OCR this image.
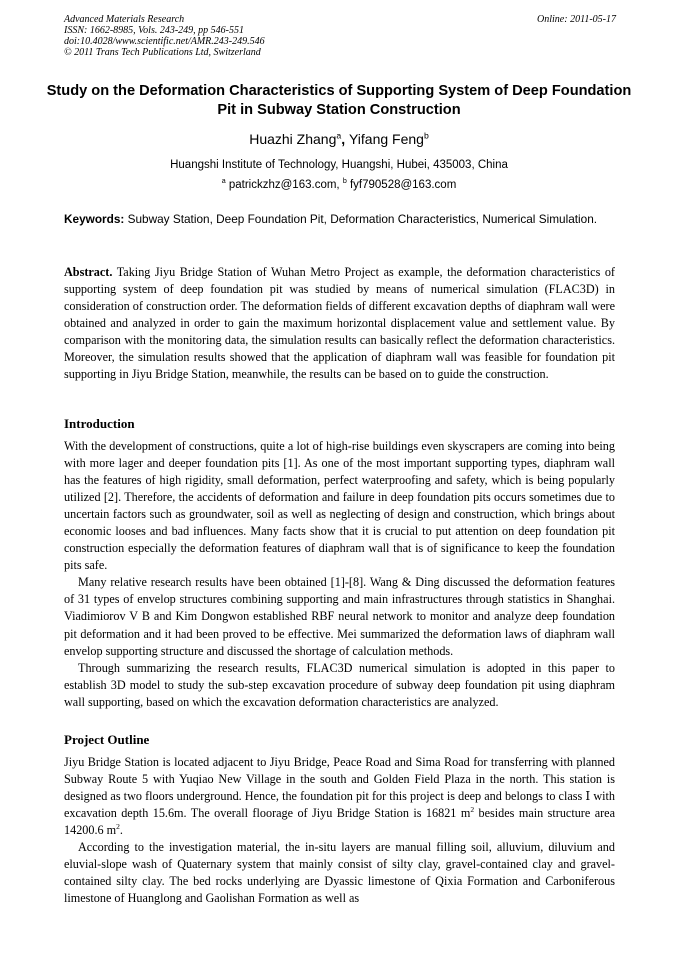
Advanced Materials Research
ISSN: 1662-8985, Vols. 243-249, pp 546-551
doi:10.4028/www.scientific.net/AMR.243-249.546
© 2011 Trans Tech Publications Ltd, Switzerland
Online: 2011-05-17
Study on the Deformation Characteristics of Supporting System of Deep Foundation Pit in Subway Station Construction
Huazhi Zhang$^a$, Yifang Feng$^b$
Huangshi Institute of Technology, Huangshi, Hubei, 435003, China
$^a$ patrickzhz@163.com, $^b$ fyf790528@163.com
Keywords: Subway Station, Deep Foundation Pit, Deformation Characteristics, Numerical Simulation.
Abstract. Taking Jiyu Bridge Station of Wuhan Metro Project as example, the deformation characteristics of supporting system of deep foundation pit was studied by means of numerical simulation (FLAC3D) in consideration of construction order. The deformation fields of different excavation depths of diaphram wall were obtained and analyzed in order to gain the maximum horizontal displacement value and settlement value. By comparison with the monitoring data, the simulation results can basically reflect the deformation characteristics. Moreover, the simulation results showed that the application of diaphram wall was feasible for foundation pit supporting in Jiyu Bridge Station, meanwhile, the results can be based on to guide the construction.
Introduction

With the development of constructions, quite a lot of high-rise buildings even skyscrapers are coming into being with more lager and deeper foundation pits [1]. As one of the most important supporting types, diaphram wall has the features of high rigidity, small deformation, perfect waterproofing and safety, which is being popularly utilized [2]. Therefore, the accidents of deformation and failure in deep foundation pits occurs sometimes due to uncertain factors such as groundwater, soil as well as neglecting of design and construction, which brings about economic looses and bad influences. Many facts show that it is crucial to put attention on deep foundation pit construction especially the deformation features of diaphram wall that is of significance to keep the foundation pits safe.

Many relative research results have been obtained [1]-[8]. Wang & Ding discussed the deformation features of 31 types of envelop structures combining supporting and main infrastructures through statistics in Shanghai. Viadimiorov V B and Kim Dongwon established RBF neural network to monitor and analyze deep foundation pit deformation and it had been proved to be effective. Mei summarized the deformation laws of diaphram wall envelop supporting structure and discussed the shortage of calculation methods.

Through summarizing the research results, FLAC3D numerical simulation is adopted in this paper to establish 3D model to study the sub-step excavation procedure of subway deep foundation pit using diaphram wall supporting, based on which the excavation deformation characteristics are analyzed.

Project Outline

Jiyu Bridge Station is located adjacent to Jiyu Bridge, Peace Road and Sima Road for transferring with planned Subway Route 5 with Yuqiao New Village in the south and Golden Field Plaza in the north. This station is designed as two floors underground. Hence, the foundation pit for this project is deep and belongs to class Ⅰ with excavation depth 15.6m. The overall floorage of Jiyu Bridge Station is 16821 $m^2$ besides main structure area 14200.6 $m^2$.

According to the investigation material, the in-situ layers are manual filling soil, alluvium, diluvium and eluvial-slope wash of Quaternary system that mainly consist of silty clay, gravel-contained clay and gravel-contained silty clay. The bed rocks underlying are Dyassic limestone of Qixia Formation and Carboniferous limestone of Huanglong and Gaolishan Formation as well as
